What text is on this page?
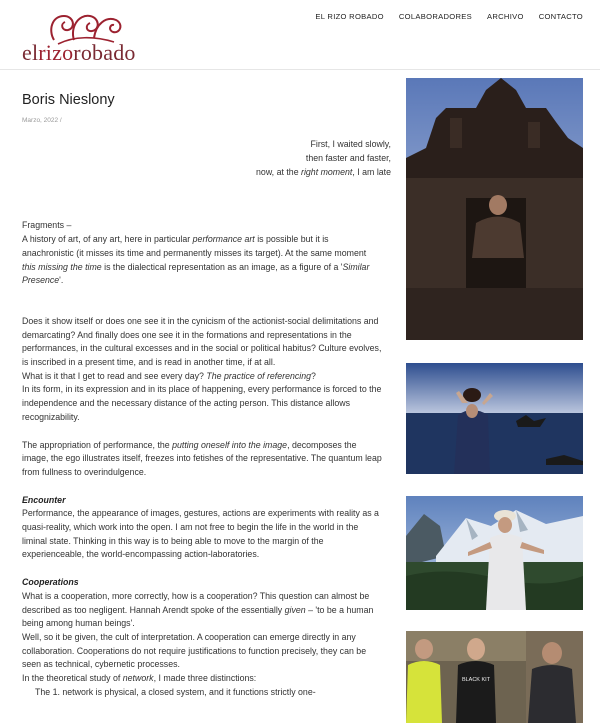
elrizorobado
EL RIZO ROBADO COLABORADORES ARCHIVO CONTACTO
Boris Nieslony
Marzo, 2022 /
First, I waited slowly,
then faster and faster,
now, at the right moment, I am late

Fragments –

A history of art, of any art, here in particular performance art is possible but it is anachronistic (it misses its time and permanently misses its target). At the same moment this missing the time is the dialectical representation as an image, as a figure of a 'Similar Presence'.

Does it show itself or does one see it in the cynicism of the actionist-social delimitations and demarcating? And finally does one see it in the formations and representations in the performances, in the cultural excesses and in the social or political habitus? Culture evolves, is inscribed in a present time, and is read in another time, if at all.

What is it that I get to read and see every day? The practice of referencing?

In its form, in its expression and in its place of happening, every performance is forced to the independence and the necessary distance of the acting person. This distance allows recognizability.

The appropriation of performance, the putting oneself into the image, decomposes the image, the ego illustrates itself, freezes into fetishes of the representative. The quantum leap from fullness to overindulgence.

Encounter

Performance, the appearance of images, gestures, actions are experiments with reality as a quasi-reality, which work into the open. I am not free to begin the life in the world in the liminal state. Thinking in this way is to being able to move to the margin of the experienceable, the world-encompassing action-laboratories.

Cooperations

What is a cooperation, more correctly, how is a cooperation? This question can almost be described as too negligent. Hannah Arendt spoke of the essentially given – 'to be a human being among human beings'.

Well, so it be given, the cult of interpretation. A cooperation can emerge directly in any collaboration. Cooperations do not require justifications to function precisely, they can be seen as technical, cybernetic processes.

In the theoretical study of network, I made three distinctions:

The 1. network is physical, a closed system, and it functions strictly one-

BLACK KIT
